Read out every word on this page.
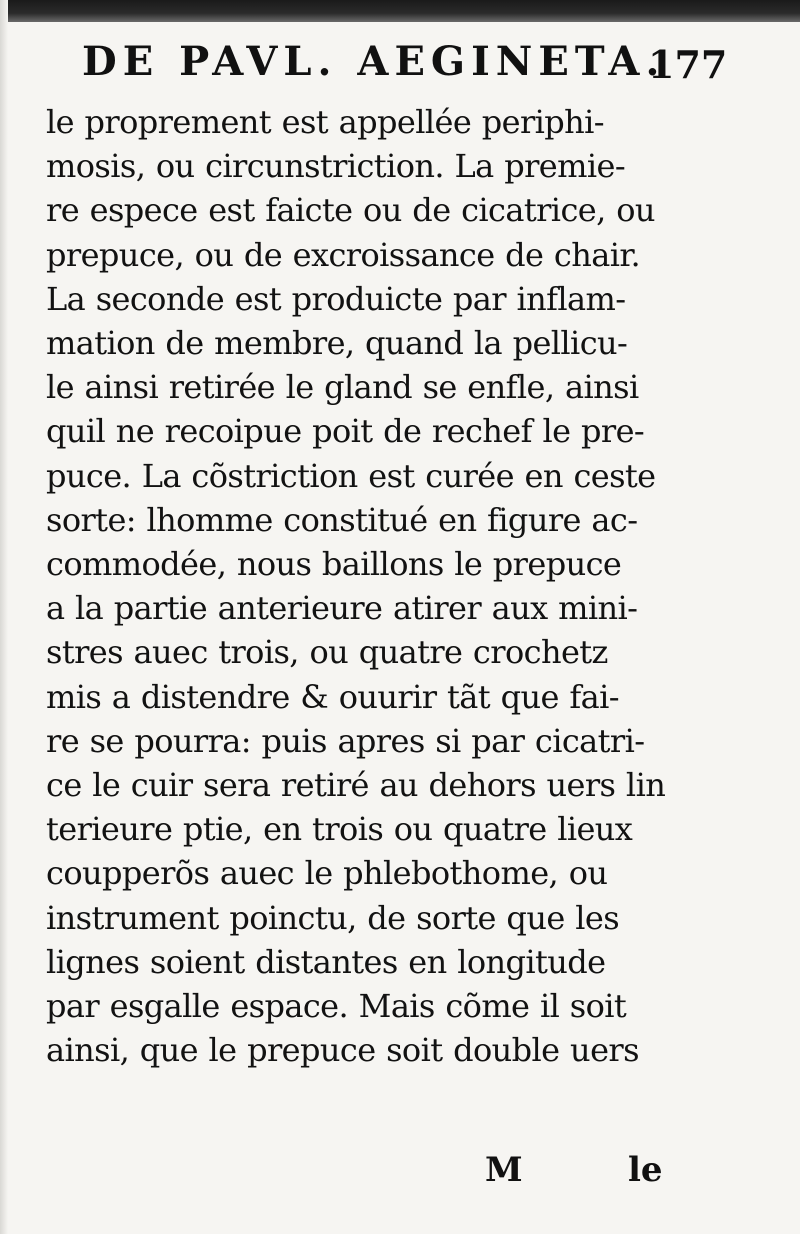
DE PAVL. AEGINETA.
177
le proprement est appellée periphi-
mosis, ou circunstriction. La premie-
re espece est faicte ou de cicatrice, ou
prepuce, ou de excroissance de chair.
La seconde est produicte par inflam-
mation de membre, quand la pellicu-
le ainsi retirée le gland se enfle, ainsi
quil ne recoipue poit de rechef le pre-
puce. La cõstriction est curée en ceste
sorte: lhomme constitué en figure ac-
commodée, nous baillons le prepuce
a la partie anterieure atirer aux mini-
stres auec trois, ou quatre crochetz
mis a distendre & ouurir tãt que fai-
re se pourra: puis apres si par cicatri-
ce le cuir sera retiré au dehors uers lin
terieure ptie, en trois ou quatre lieux
coupperõs auec le phlebothome, ou
instrument poinctu, de sorte que les
lignes soient distantes en longitude
par esgalle espace. Mais cõme il soit
ainsi, que le prepuce soit double uers
M	le
